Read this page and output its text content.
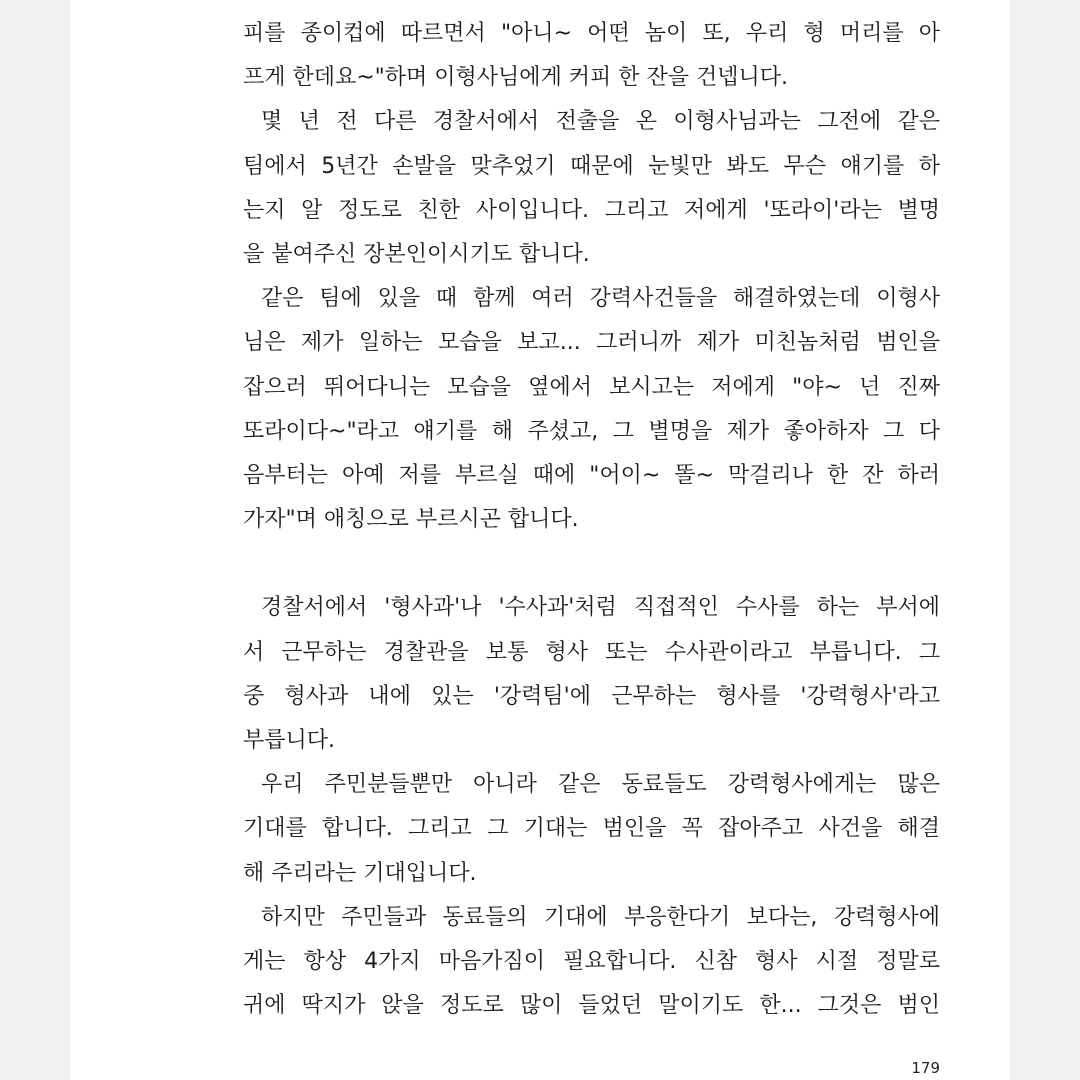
피를 종이컵에 따르면서 "아니~ 어떤 놈이 또, 우리 형 머리를 아
프게 한데요~"하며 이형사님에게 커피 한 잔을 건넵니다.
몇 년 전 다른 경찰서에서 전출을 온 이형사님과는 그전에 같은
팀에서 5년간 손발을 맞추었기 때문에 눈빛만 봐도 무슨 얘기를 하
는지 알 정도로 친한 사이입니다. 그리고 저에게 '또라이'라는 별명
을 붙여주신 장본인이시기도 합니다.
같은 팀에 있을 때 함께 여러 강력사건들을 해결하였는데 이형사
님은 제가 일하는 모습을 보고... 그러니까 제가 미친놈처럼 범인을
잡으러 뛰어다니는 모습을 옆에서 보시고는 저에게 "야~ 넌 진짜
또라이다~"라고 얘기를 해 주셨고, 그 별명을 제가 좋아하자 그 다
음부터는 아예 저를 부르실 때에 "어이~ 똘~ 막걸리나 한 잔 하러
가자"며 애칭으로 부르시곤 합니다.
경찰서에서 '형사과'나 '수사과'처럼 직접적인 수사를 하는 부서에
서 근무하는 경찰관을 보통 형사 또는 수사관이라고 부릅니다. 그
중 형사과 내에 있는 '강력팀'에 근무하는 형사를 '강력형사'라고
부릅니다.
우리 주민분들뿐만 아니라 같은 동료들도 강력형사에게는 많은
기대를 합니다. 그리고 그 기대는 범인을 꼭 잡아주고 사건을 해결
해 주리라는 기대입니다.
하지만 주민들과 동료들의 기대에 부응한다기 보다는, 강력형사에
게는 항상 4가지 마음가짐이 필요합니다. 신참 형사 시절 정말로
귀에 딱지가 앉을 정도로 많이 들었던 말이기도 한... 그것은 범인
179
